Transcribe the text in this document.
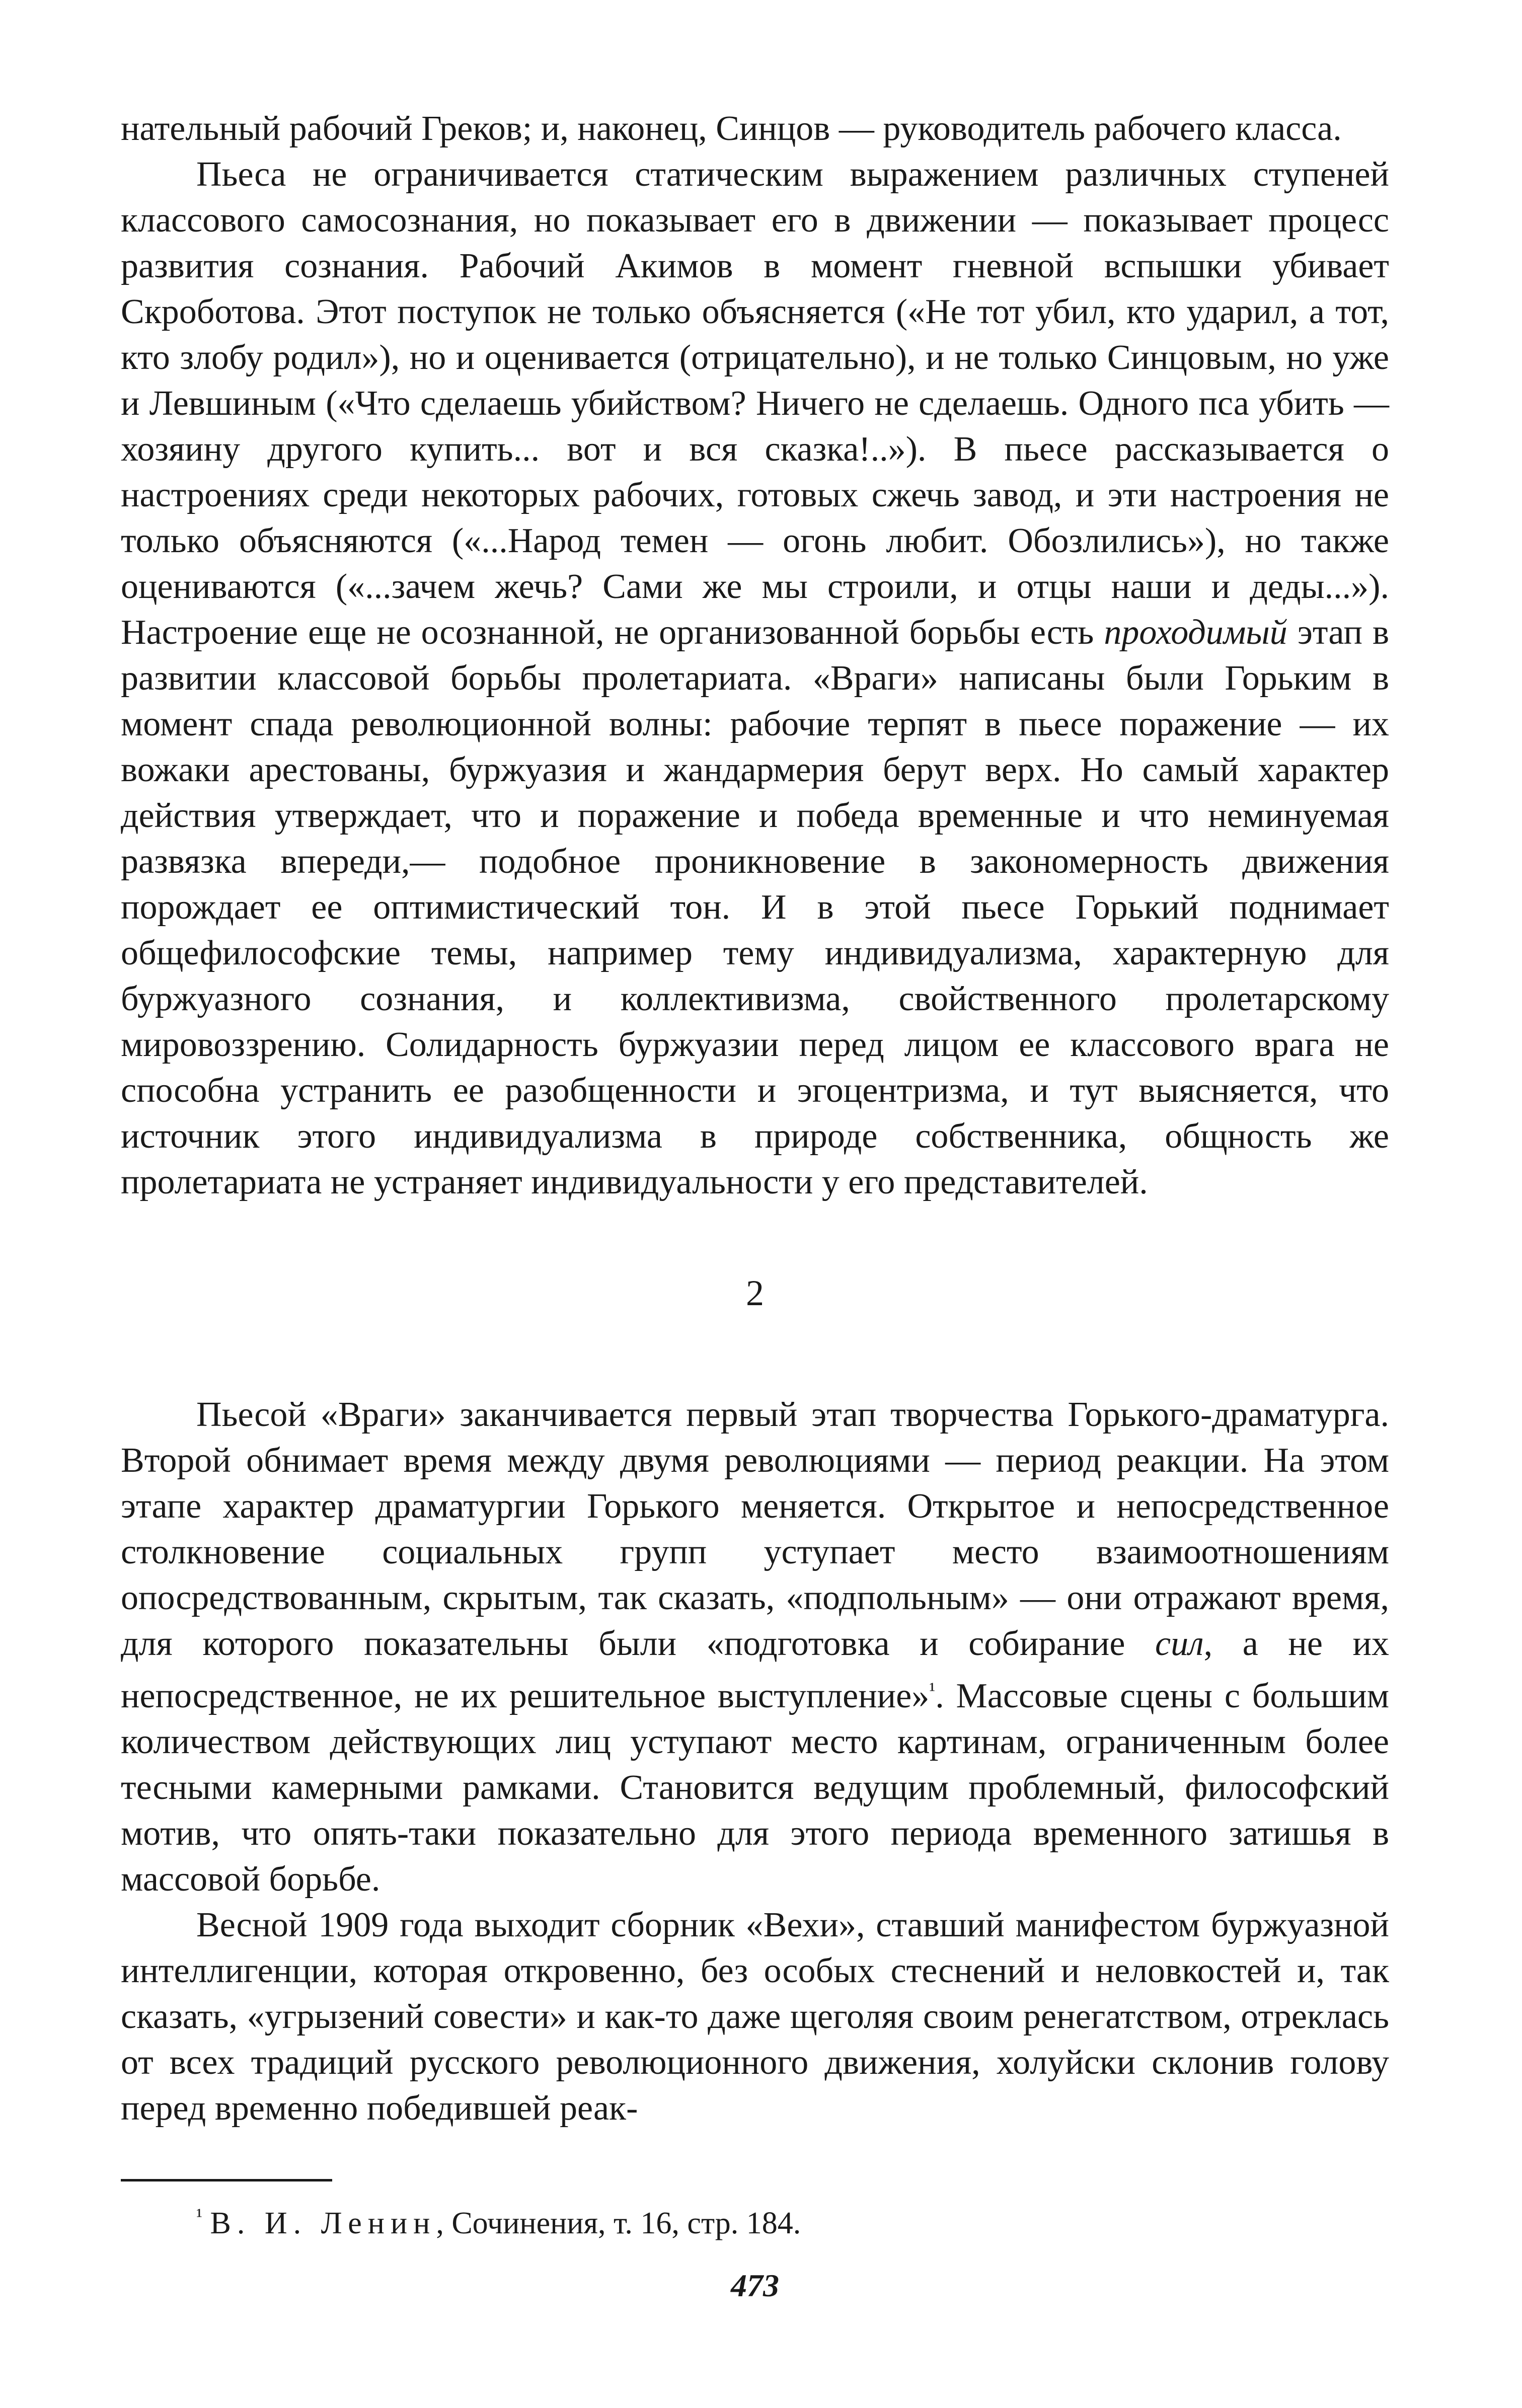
нательный рабочий Греков; и, наконец, Синцов — руководитель рабочего класса.

Пьеса не ограничивается статическим выражением различных ступеней классового самосознания, но показывает его в движении — показывает процесс развития сознания. Рабочий Акимов в момент гневной вспышки убивает Скроботова. Этот поступок не только объясняется («Не тот убил, кто ударил, а тот, кто злобу родил»), но и оценивается (отрицательно), и не только Синцовым, но уже и Левшиным («Что сделаешь убийством? Ничего не сделаешь. Одного пса убить — хозяину другого купить... вот и вся сказка!..»). В пьесе рассказывается о настроениях среди некоторых рабочих, готовых сжечь завод, и эти настроения не только объясняются («...Народ темен — огонь любит. Обозлились»), но также оцениваются («...зачем жечь? Сами же мы строили, и отцы наши и деды...»). Настроение еще не осознанной, не организованной борьбы есть проходимый этап в развитии классовой борьбы пролетариата. «Враги» написаны были Горьким в момент спада революционной волны: рабочие терпят в пьесе поражение — их вожаки арестованы, буржуазия и жандармерия берут верх. Но самый характер действия утверждает, что и поражение и победа временные и что неминуемая развязка впереди,— подобное проникновение в закономерность движения порождает ее оптимистический тон. И в этой пьесе Горький поднимает общефилософские темы, например тему индивидуализма, характерную для буржуазного сознания, и коллективизма, свойственного пролетарскому мировоззрению. Солидарность буржуазии перед лицом ее классового врага не способна устранить ее разобщенности и эгоцентризма, и тут выясняется, что источник этого индивидуализма в природе собственника, общность же пролетариата не устраняет индивидуальности у его представителей.

2

Пьесой «Враги» заканчивается первый этап творчества Горького-драматурга. Второй обнимает время между двумя революциями — период реакции. На этом этапе характер драматургии Горького меняется. Открытое и непосредственное столкновение социальных групп уступает место взаимоотношениям опосредствованным, скрытым, так сказать, «подпольным» — они отражают время, для которого показательны были «подготовка и собирание сил, а не их непосредственное, не их решительное выступление»$^{^1}$. Массовые сцены с большим количеством действующих лиц уступают место картинам, ограниченным более тесными камерными рамками. Становится ведущим проблемный, философский мотив, что опять-таки показательно для этого периода временного затишья в массовой борьбе.

Весной 1909 года выходит сборник «Вехи», ставший манифестом буржуазной интеллигенции, которая откровенно, без особых стеснений и неловкостей и, так сказать, «угрызений совести» и как-то даже щеголяя своим ренегатством, отреклась от всех традиций русского революционного движения, холуйски склонив голову перед временно победившей реак-

$^{^1}$ В. И. Ленин, Сочинения, т. 16, стр. 184.

473
